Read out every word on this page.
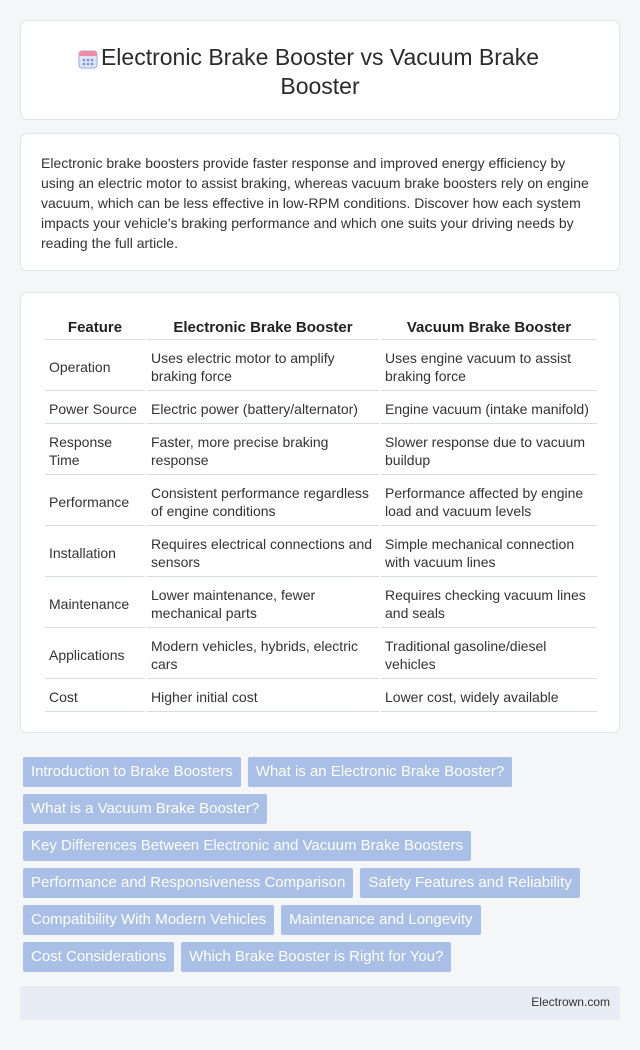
Electronic Brake Booster vs Vacuum Brake Booster

Electronic brake boosters provide faster response and improved energy efficiency by using an electric motor to assist braking, whereas vacuum brake boosters rely on engine vacuum, which can be less effective in low-RPM conditions. Discover how each system impacts your vehicle's braking performance and which one suits your driving needs by reading the full article.

Feature	Electronic Brake Booster	Vacuum Brake Booster
Operation	Uses electric motor to amplify braking force	Uses engine vacuum to assist braking force
Power Source	Electric power (battery/alternator)	Engine vacuum (intake manifold)
Response Time	Faster, more precise braking response	Slower response due to vacuum buildup
Performance	Consistent performance regardless of engine conditions	Performance affected by engine load and vacuum levels
Installation	Requires electrical connections and sensors	Simple mechanical connection with vacuum lines
Maintenance	Lower maintenance, fewer mechanical parts	Requires checking vacuum lines and seals
Applications	Modern vehicles, hybrids, electric cars	Traditional gasoline/diesel vehicles
Cost	Higher initial cost	Lower cost, widely available
Introduction to Brake Boosters	What is an Electronic Brake Booster?
What is a Vacuum Brake Booster?
Key Differences Between Electronic and Vacuum Brake Boosters
Performance and Responsiveness Comparison	Safety Features and Reliability
Compatibility With Modern Vehicles	Maintenance and Longevity
Cost Considerations	Which Brake Booster is Right for You?
Electrown.com
